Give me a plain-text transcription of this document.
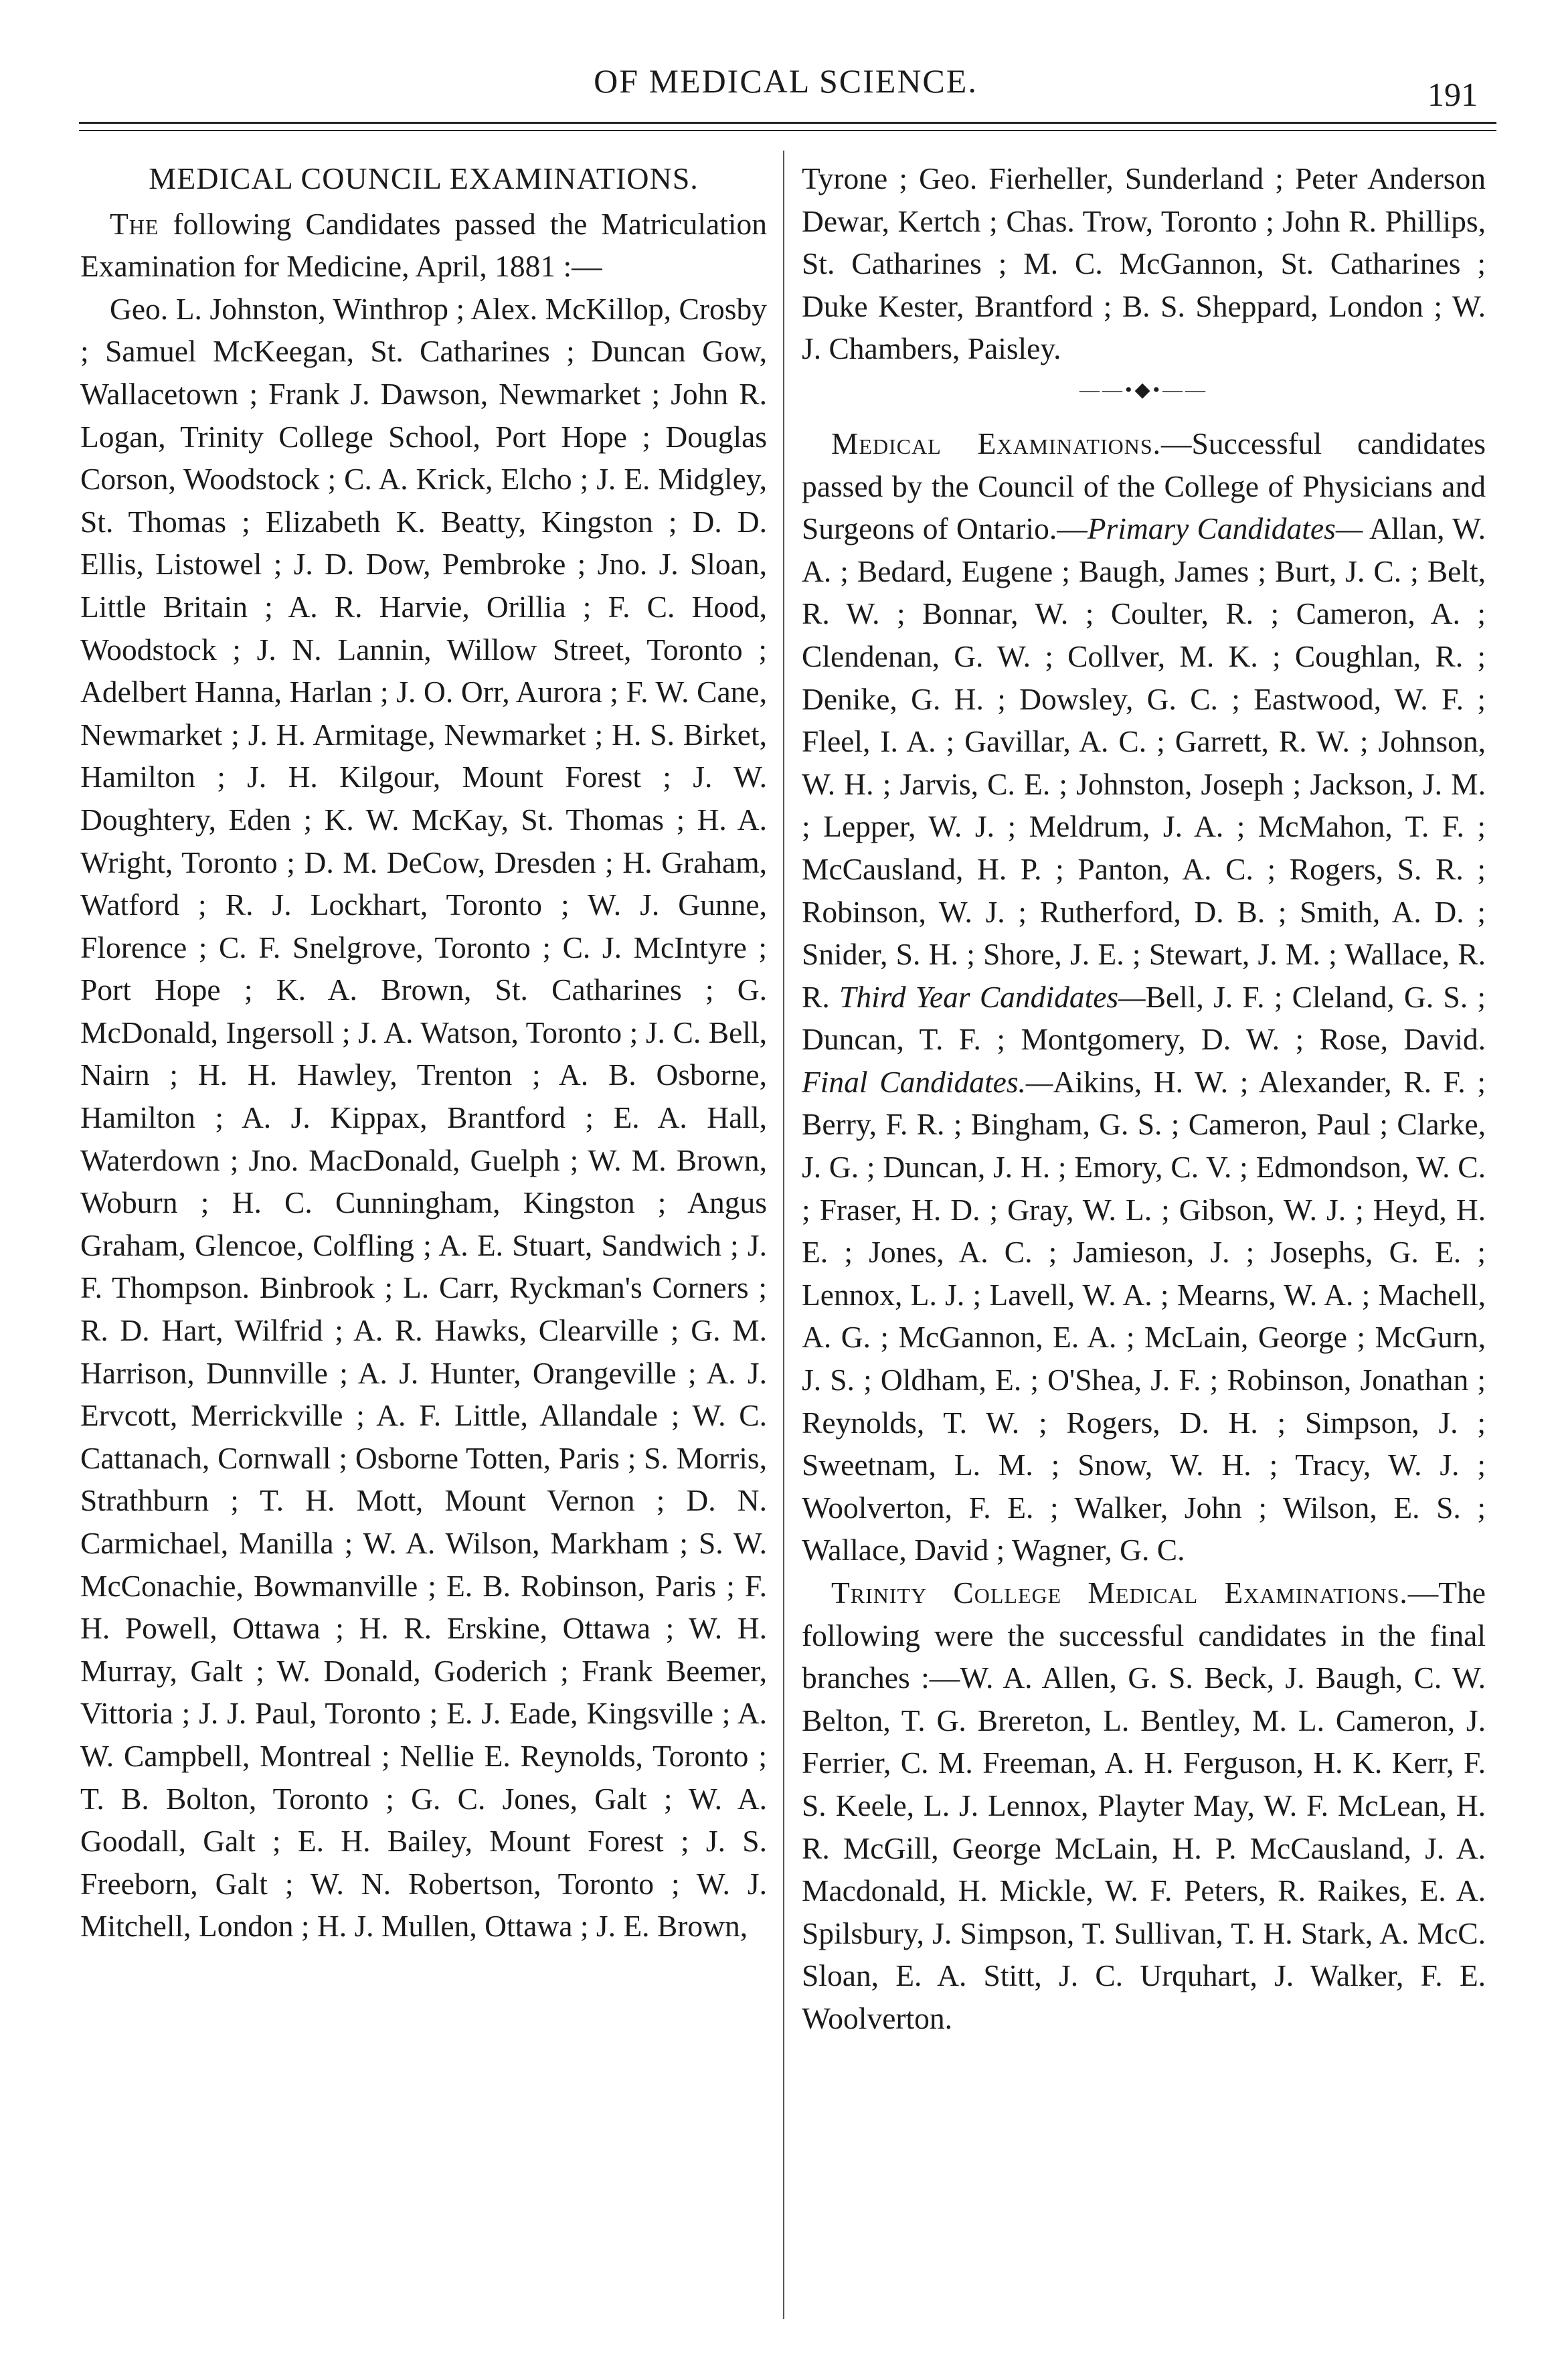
OF MEDICAL SCIENCE.	191
MEDICAL COUNCIL EXAMINATIONS.

The following Candidates passed the Matriculation Examination for Medicine, April, 1881 :—

Geo. L. Johnston, Winthrop ; Alex. McKillop, Crosby ; Samuel McKeegan, St. Catharines ; Duncan Gow, Wallacetown ; Frank J. Dawson, Newmarket ; John R. Logan, Trinity College School, Port Hope ; Douglas Corson, Woodstock ; C. A. Krick, Elcho ; J. E. Midgley, St. Thomas ; Elizabeth K. Beatty, Kingston ; D. D. Ellis, Listowel ; J. D. Dow, Pembroke ; Jno. J. Sloan, Little Britain ; A. R. Harvie, Orillia ; F. C. Hood, Woodstock ; J. N. Lannin, Willow Street, Toronto ; Adelbert Hanna, Harlan ; J. O. Orr, Aurora ; F. W. Cane, Newmarket ; J. H. Armitage, Newmarket ; H. S. Birket, Hamilton ; J. H. Kilgour, Mount Forest ; J. W. Doughtery, Eden ; K. W. McKay, St. Thomas ; H. A. Wright, Toronto ; D. M. DeCow, Dresden ; H. Graham, Watford ; R. J. Lockhart, Toronto ; W. J. Gunne, Florence ; C. F. Snelgrove, Toronto ; C. J. McIntyre ; Port Hope ; K. A. Brown, St. Catharines ; G. McDonald, Ingersoll ; J. A. Watson, Toronto ; J. C. Bell, Nairn ; H. H. Hawley, Trenton ; A. B. Osborne, Hamilton ; A. J. Kippax, Brantford ; E. A. Hall, Waterdown ; Jno. MacDonald, Guelph ; W. M. Brown, Woburn ; H. C. Cunningham, Kingston ; Angus Graham, Glencoe, Colfling ; A. E. Stuart, Sandwich ; J. F. Thompson. Binbrook ; L. Carr, Ryckman's Corners ; R. D. Hart, Wilfrid ; A. R. Hawks, Clearville ; G. M. Harrison, Dunnville ; A. J. Hunter, Orangeville ; A. J. Ervcott, Merrickville ; A. F. Little, Allandale ; W. C. Cattanach, Cornwall ; Osborne Totten, Paris ; S. Morris, Strathburn ; T. H. Mott, Mount Vernon ; D. N. Carmichael, Manilla ; W. A. Wilson, Markham ; S. W. McConachie, Bowmanville ; E. B. Robinson, Paris ; F. H. Powell, Ottawa ; H. R. Erskine, Ottawa ; W. H. Murray, Galt ; W. Donald, Goderich ; Frank Beemer, Vittoria ; J. J. Paul, Toronto ; E. J. Eade, Kingsville ; A. W. Campbell, Montreal ; Nellie E. Reynolds, Toronto ; T. B. Bolton, Toronto ; G. C. Jones, Galt ; W. A. Goodall, Galt ; E. H. Bailey, Mount Forest ; J. S. Freeborn, Galt ; W. N. Robertson, Toronto ; W. J. Mitchell, London ; H. J. Mullen, Ottawa ; J. E. Brown,

Tyrone ; Geo. Fierheller, Sunderland ; Peter Anderson Dewar, Kertch ; Chas. Trow, Toronto ; John R. Phillips, St. Catharines ; M. C. McGannon, St. Catharines ; Duke Kester, Brantford ; B. S. Sheppard, London ; W. J. Chambers, Paisley.

——•◆•——

Medical Examinations.—Successful candidates passed by the Council of the College of Physicians and Surgeons of Ontario.—Primary Candidates— Allan, W. A. ; Bedard, Eugene ; Baugh, James ; Burt, J. C. ; Belt, R. W. ; Bonnar, W. ; Coulter, R. ; Cameron, A. ; Clendenan, G. W. ; Collver, M. K. ; Coughlan, R. ; Denike, G. H. ; Dowsley, G. C. ; Eastwood, W. F. ; Fleel, I. A. ; Gavillar, A. C. ; Garrett, R. W. ; Johnson, W. H. ; Jarvis, C. E. ; Johnston, Joseph ; Jackson, J. M. ; Lepper, W. J. ; Meldrum, J. A. ; McMahon, T. F. ; McCausland, H. P. ; Panton, A. C. ; Rogers, S. R. ; Robinson, W. J. ; Rutherford, D. B. ; Smith, A. D. ; Snider, S. H. ; Shore, J. E. ; Stewart, J. M. ; Wallace, R. R. Third Year Candidates—Bell, J. F. ; Cleland, G. S. ; Duncan, T. F. ; Montgomery, D. W. ; Rose, David. Final Candidates.—Aikins, H. W. ; Alexander, R. F. ; Berry, F. R. ; Bingham, G. S. ; Cameron, Paul ; Clarke, J. G. ; Duncan, J. H. ; Emory, C. V. ; Edmondson, W. C. ; Fraser, H. D. ; Gray, W. L. ; Gibson, W. J. ; Heyd, H. E. ; Jones, A. C. ; Jamieson, J. ; Josephs, G. E. ; Lennox, L. J. ; Lavell, W. A. ; Mearns, W. A. ; Machell, A. G. ; McGannon, E. A. ; McLain, George ; McGurn, J. S. ; Oldham, E. ; O'Shea, J. F. ; Robinson, Jonathan ; Reynolds, T. W. ; Rogers, D. H. ; Simpson, J. ; Sweetnam, L. M. ; Snow, W. H. ; Tracy, W. J. ; Woolverton, F. E. ; Walker, John ; Wilson, E. S. ; Wallace, David ; Wagner, G. C.

Trinity College Medical Examinations.—The following were the successful candidates in the final branches :—W. A. Allen, G. S. Beck, J. Baugh, C. W. Belton, T. G. Brereton, L. Bentley, M. L. Cameron, J. Ferrier, C. M. Freeman, A. H. Ferguson, H. K. Kerr, F. S. Keele, L. J. Lennox, Playter May, W. F. McLean, H. R. McGill, George McLain, H. P. McCausland, J. A. Macdonald, H. Mickle, W. F. Peters, R. Raikes, E. A. Spilsbury, J. Simpson, T. Sullivan, T. H. Stark, A. McC. Sloan, E. A. Stitt, J. C. Urquhart, J. Walker, F. E. Woolverton.
